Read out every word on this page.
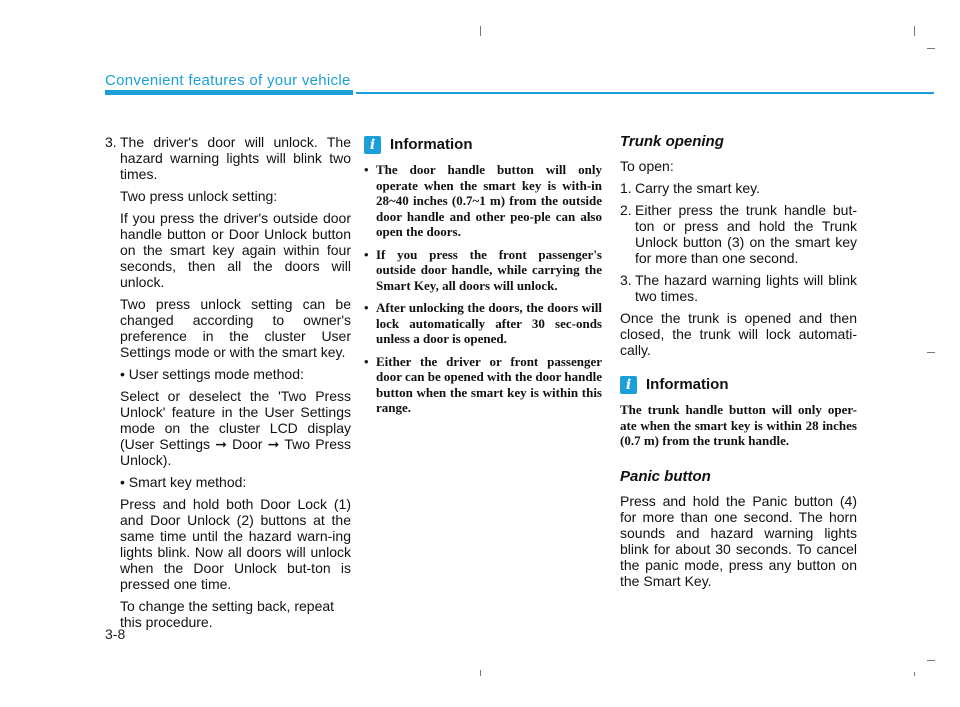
Convenient features of your vehicle
3. The driver's door will unlock. The hazard warning lights will blink two times.

Two press unlock setting:

If you press the driver's outside door handle button or Door Unlock button on the smart key again within four seconds, then all the doors will unlock.

Two press unlock setting can be changed according to owner's preference in the cluster User Settings mode or with the smart key.

• User settings mode method:

Select or deselect the 'Two Press Unlock' feature in the User Settings mode on the cluster LCD display (User Settings ➞ Door ➞ Two Press Unlock).

• Smart key method:

Press and hold both Door Lock (1) and Door Unlock (2) buttons at the same time until the hazard warn-ing lights blink. Now all doors will unlock when the Door Unlock but-ton is pressed one time.

To change the setting back, repeat this procedure.

i Information
• The door handle button will only operate when the smart key is with-in 28~40 inches (0.7~1 m) from the outside door handle and other peo-ple can also open the doors.
• If you press the front passenger's outside door handle, while carrying the Smart Key, all doors will unlock.
• After unlocking the doors, the doors will lock automatically after 30 sec-onds unless a door is opened.
• Either the driver or front passenger door can be opened with the door handle button when the smart key is within this range.
Trunk opening

To open:

1. Carry the smart key.
2. Either press the trunk handle but-ton or press and hold the Trunk Unlock button (3) on the smart key for more than one second.
3. The hazard warning lights will blink two times.

Once the trunk is opened and then closed, the trunk will lock automati-cally.

i Information

The trunk handle button will only oper-ate when the smart key is within 28 inches (0.7 m) from the trunk handle.

Panic button

Press and hold the Panic button (4) for more than one second. The horn sounds and hazard warning lights blink for about 30 seconds. To cancel the panic mode, press any button on the Smart Key.

3-8
